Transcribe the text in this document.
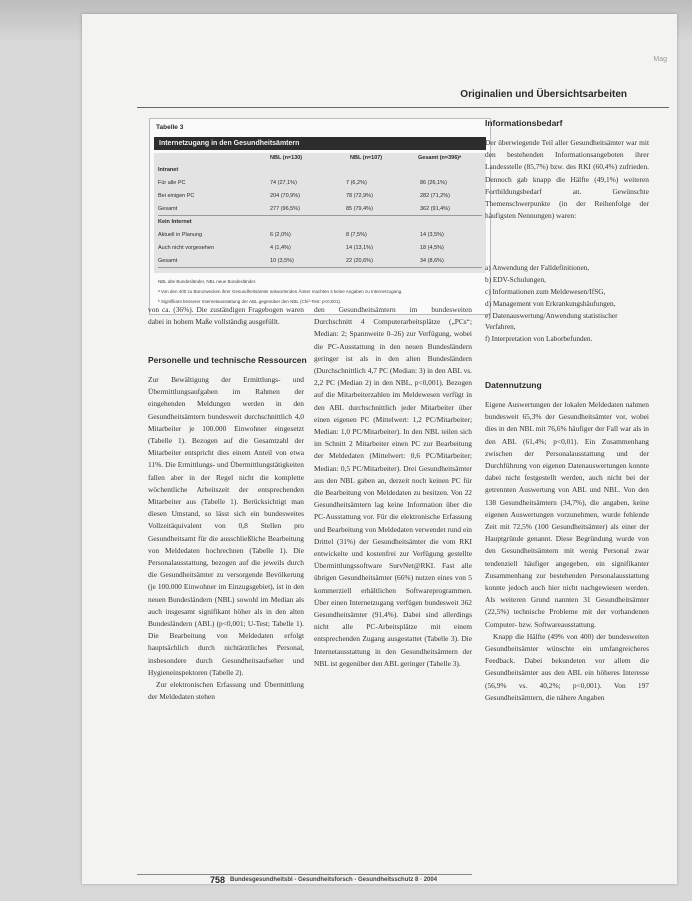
Mag
Originalien und Übersichtsarbeiten
Tabelle 3
Internetzugang in den Gesundheitsämtern
NBL (n=130)	NBL (n=107)	Gesamt (n=396)ᵃ
Intranet
Für alle PC	74 (27,1%)	7 (6,2%)	86 (26,1%)
Bei einigen PC	204 (70,9%)	78 (72,9%)	282 (71,2%)
Gesamt	277 (96,5%)	85 (79,4%)	362 (91,4%)
Kein Internet
Aktuell in Planung	6 (2,0%)	8 (7,5%)	14 (3,5%)
Auch nicht vorgesehen	4 (1,4%)	14 (13,1%)	18 (4,5%)
Gesamt	10 (3,5%)	22 (20,6%)	34 (8,6%)
NBL alte Bundesländer, NBL neue Bundesländer.
ᵃ Von den 400 zu Bürozwecken ihrer Gesundheitsämter antwortenden Ämter machten 4 keine Angaben zu Internetzugang.
ᵇ Signifikant besserer Internetausstattung der ABL gegenüber den NBL (Chi²-Test: p<0,001).

von ca. (36%). Die zuständigen Fragebogen waren dabei in hohem Maße vollständig ausgefüllt.

Personelle und technische Ressourcen

Zur Bewältigung der Ermittlungs- und Übermittlungsaufgaben im Rahmen der eingehenden Meldungen werden in den Gesundheitsämtern bundesweit durchschnittlich 4,0 Mitarbeiter je 100.000 Einwohner eingesetzt (Tabelle 1). Bezogen auf die Gesamtzahl der Mitarbeiter entspricht dies einem Anteil von etwa 11%. Die Ermittlungs- und Übermittlungstätigkeiten fallen aber in der Regel nicht die komplette wöchentliche Arbeitszeit der entsprechenden Mitarbeiter aus (Tabelle 1). Berücksichtigt man diesen Umstand, so lässt sich ein bundesweites Vollzeitäquivalent von 0,8 Stellen pro Gesundheitsamt für die ausschließliche Bearbeitung von Meldedaten hochrechnen (Tabelle 1). Die Personalausstattung, bezogen auf die jeweils durch die Gesundheitsämter zu versorgende Bevölkerung (je 100.000 Einwohner im Einzugsgebiet), ist in den neuen Bundesländern (NBL) sowohl im Median als auch insgesamt signifikant höher als in den alten Bundesländern (ABL) (p<0,001; U-Test; Tabelle 1). Die Bearbeitung von Meldedaten erfolgt hauptsächlich durch nichtärztliches Personal, insbesondere durch Gesundheitsaufseher und Hygieneinspektoren (Tabelle 2).

Zur elektronischen Erfassung und Übermittlung der Meldedaten stehen

den Gesundheitsämtern im bundesweiten Durchschnitt 4 Computerarbeitsplätze („PCs“; Median: 2; Spannweite 0–26) zur Verfügung, wobei die PC-Ausstattung in den neuen Bundesländern geringer ist als in den alten Bundesländern (Durchschnittlich 4,7 PC (Median: 3) in den ABL vs. 2,2 PC (Median 2) in den NBL, p<0,001). Bezogen auf die Mitarbeiterzahlen im Meldewesen verfügt in den ABL durchschnittlich jeder Mitarbeiter über einen eigenen PC (Mittelwert: 1,2 PC/Mitarbeiter; Median: 1,0 PC/Mitarbeiter). In den NBL teilen sich im Schnitt 2 Mitarbeiter einen PC zur Bearbeitung der Meldedaten (Mittelwert: 0,6 PC/Mitarbeiter; Median: 0,5 PC/Mitarbeiter). Drei Gesundheitsämter aus den NBL gaben an, derzeit noch keinen PC für die Bearbeitung von Meldedaten zu besitzen. Von 22 Gesundheitsämtern lag keine Information über die PC-Ausstattung vor. Für die elektronische Erfassung und Bearbeitung von Meldedaten verwendet rund ein Drittel (31%) der Gesundheitsämter die vom RKI entwickelte und kostenfrei zur Verfügung gestellte Übermittlungssoftware SurvNet@RKI. Fast alle übrigen Gesundheitsämter (66%) nutzen eines von 5 kommerziell erhältlichen Softwareprogrammen. Über einen Internetzugang verfügen bundesweit 362 Gesundheitsämter (91,4%). Dabei sind allerdings nicht alle PC-Arbeitsplätze mit einem entsprechenden Zugang ausgestattet (Tabelle 3). Die Internetausstattung in den Gesundheitsämtern der NBL ist gegenüber den ABL geringer (Tabelle 3).

Informationsbedarf

Der überwiegende Teil aller Gesundheitsämter war mit den bestehenden Informationsangeboten ihrer Landesstelle (85,7%) bzw. des RKI (60,4%) zufrieden. Dennoch gab knapp die Hälfte (49,1%) weiteren Fortbildungsbedarf an. Gewünschte Themenschwerpunkte (in der Reihenfolge der häufigsten Nennungen) waren:

a) Anwendung der Falldefinitionen,
b) EDV-Schulungen,
c) Informationen zum Meldewesen/IfSG,
d) Management von Erkrankungshäufungen,
e) Datenauswertung/Anwendung statistischer Verfahren,
f) Interpretation von Laborbefunden.
Datennutzung

Eigene Auswertungen der lokalen Meldedaten nahmen bundesweit 65,3% der Gesundheitsämter vor, wobei dies in den NBL mit 76,6% häufiger der Fall war als in den ABL (61,4%; p<0,01). Ein Zusammenhang zwischen der Personalausstattung und der Durchführung von eigenen Datenauswertungen konnte dabei nicht festgestellt werden, auch nicht bei der getrennten Auswertung von ABL und NBL. Von den 138 Gesundheitsämtern (34,7%), die angaben, keine eigenen Auswertungen vorzunehmen, wurde fehlende Zeit mit 72,5% (100 Gesundheitsämter) als einer der Hauptgründe genannt. Diese Begründung wurde von den Gesundheitsämtern mit wenig Personal zwar tendenziell häufiger angegeben, ein signifikanter Zusammenhang zur bestehenden Personalausstattung konnte jedoch auch hier nicht nachgewiesen werden. Als weiteren Grund nannten 31 Gesundheitsämter (22,5%) technische Probleme mit der vorhandenen Computer- bzw. Softwareausstattung.

Knapp die Hälfte (49% von 400) der bundesweiten Gesundheitsämter wünschte ein umfangreicheres Feedback. Dabei bekundeten vor allem die Gesundheitsämter aus den ABL ein höheres Interesse (56,9% vs. 40,2%; p<0,001). Von 197 Gesundheitsämtern, die nähere Angaben

758 Bundesgesundheitsbl - Gesundheitsforsch - Gesundheitsschutz 8 · 2004
